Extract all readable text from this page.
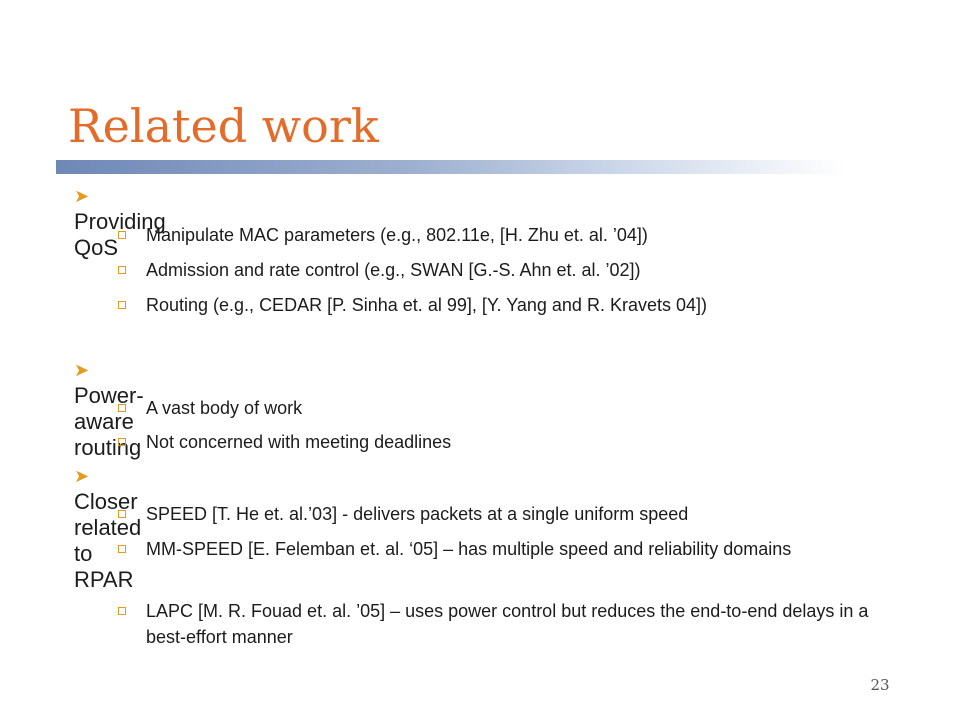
Related work
➤Providing QoS	Manipulate MAC parameters (e.g., 802.11e, [H. Zhu et. al. ’04])
Admission and rate control (e.g., SWAN [G.-S. Ahn et. al. ’02])
Routing (e.g., CEDAR [P. Sinha et. al 99], [Y. Yang and R. Kravets 04])
➤Power-aware routing
A vast body of work
Not concerned with meeting deadlines
➤Closer related to RPAR
SPEED [T. He et. al.’03] - delivers packets at a single uniform speed
MM-SPEED [E. Felemban et. al. ‘05] – has multiple speed and reliability domains
LAPC [M. R. Fouad et. al. ’05] – uses power control but reduces the end-to-end delays in a best-effort manner
23
